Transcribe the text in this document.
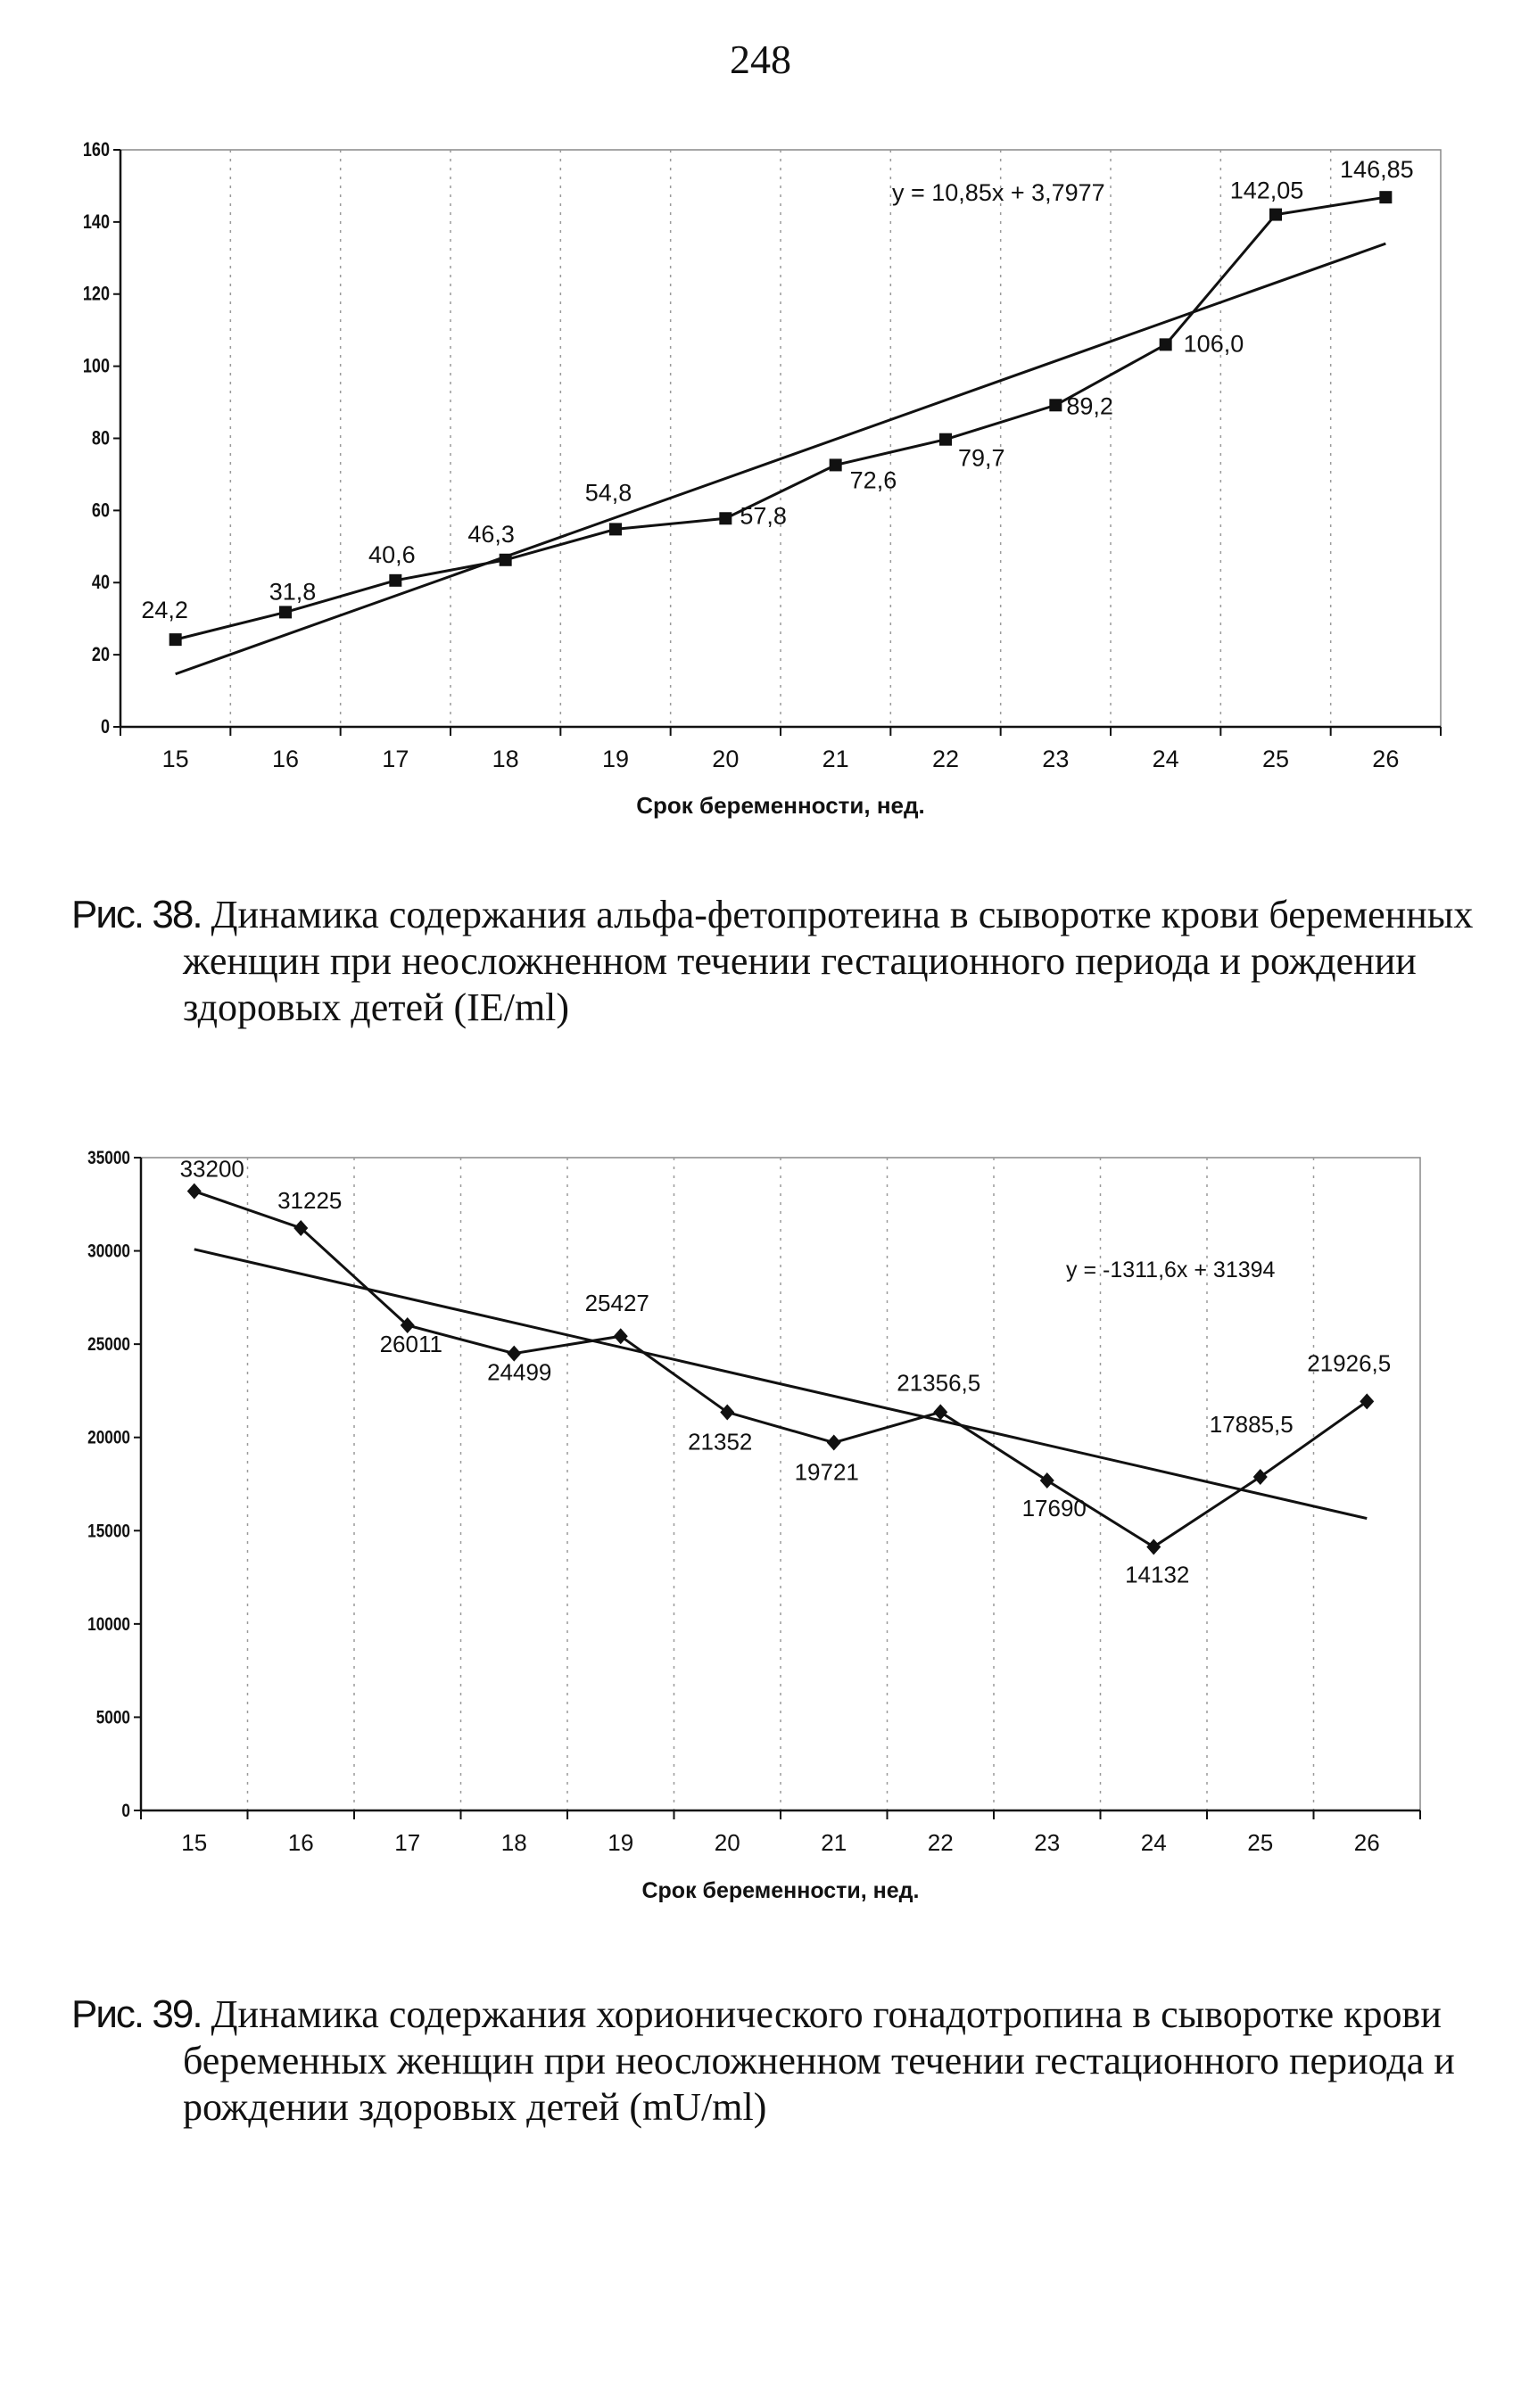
248
0
20
40
60
80
100
120
140
160
15	16	17	18	19	20	21	22	23	24	25	26
Срок беременности, нед.
y = 10,85x + 3,7977
24,2
31,8
40,6
46,3
54,8
57,8
72,6
79,7
89,2
106,0
142,05
146,85
Рис. 38. Динамика содержания альфа-фетопротеина в сыворотке крови беременных женщин при неосложненном течении гестационного периода и рождении здоровых детей (IE/ml)
0
5000
10000
15000
20000
25000
30000
35000
15	16	17	18	19	20	21	22	23	24	25	26
Срок беременности, нед.
y = -1311,6x + 31394
33200
31225
26011
24499
25427
21352
19721
21356,5
17690
14132
17885,5
21926,5
Рис. 39. Динамика содержания хорионического гонадотропина в сыворотке крови беременных женщин при неосложненном течении гестационного периода и рождении здоровых детей (mU/ml)
